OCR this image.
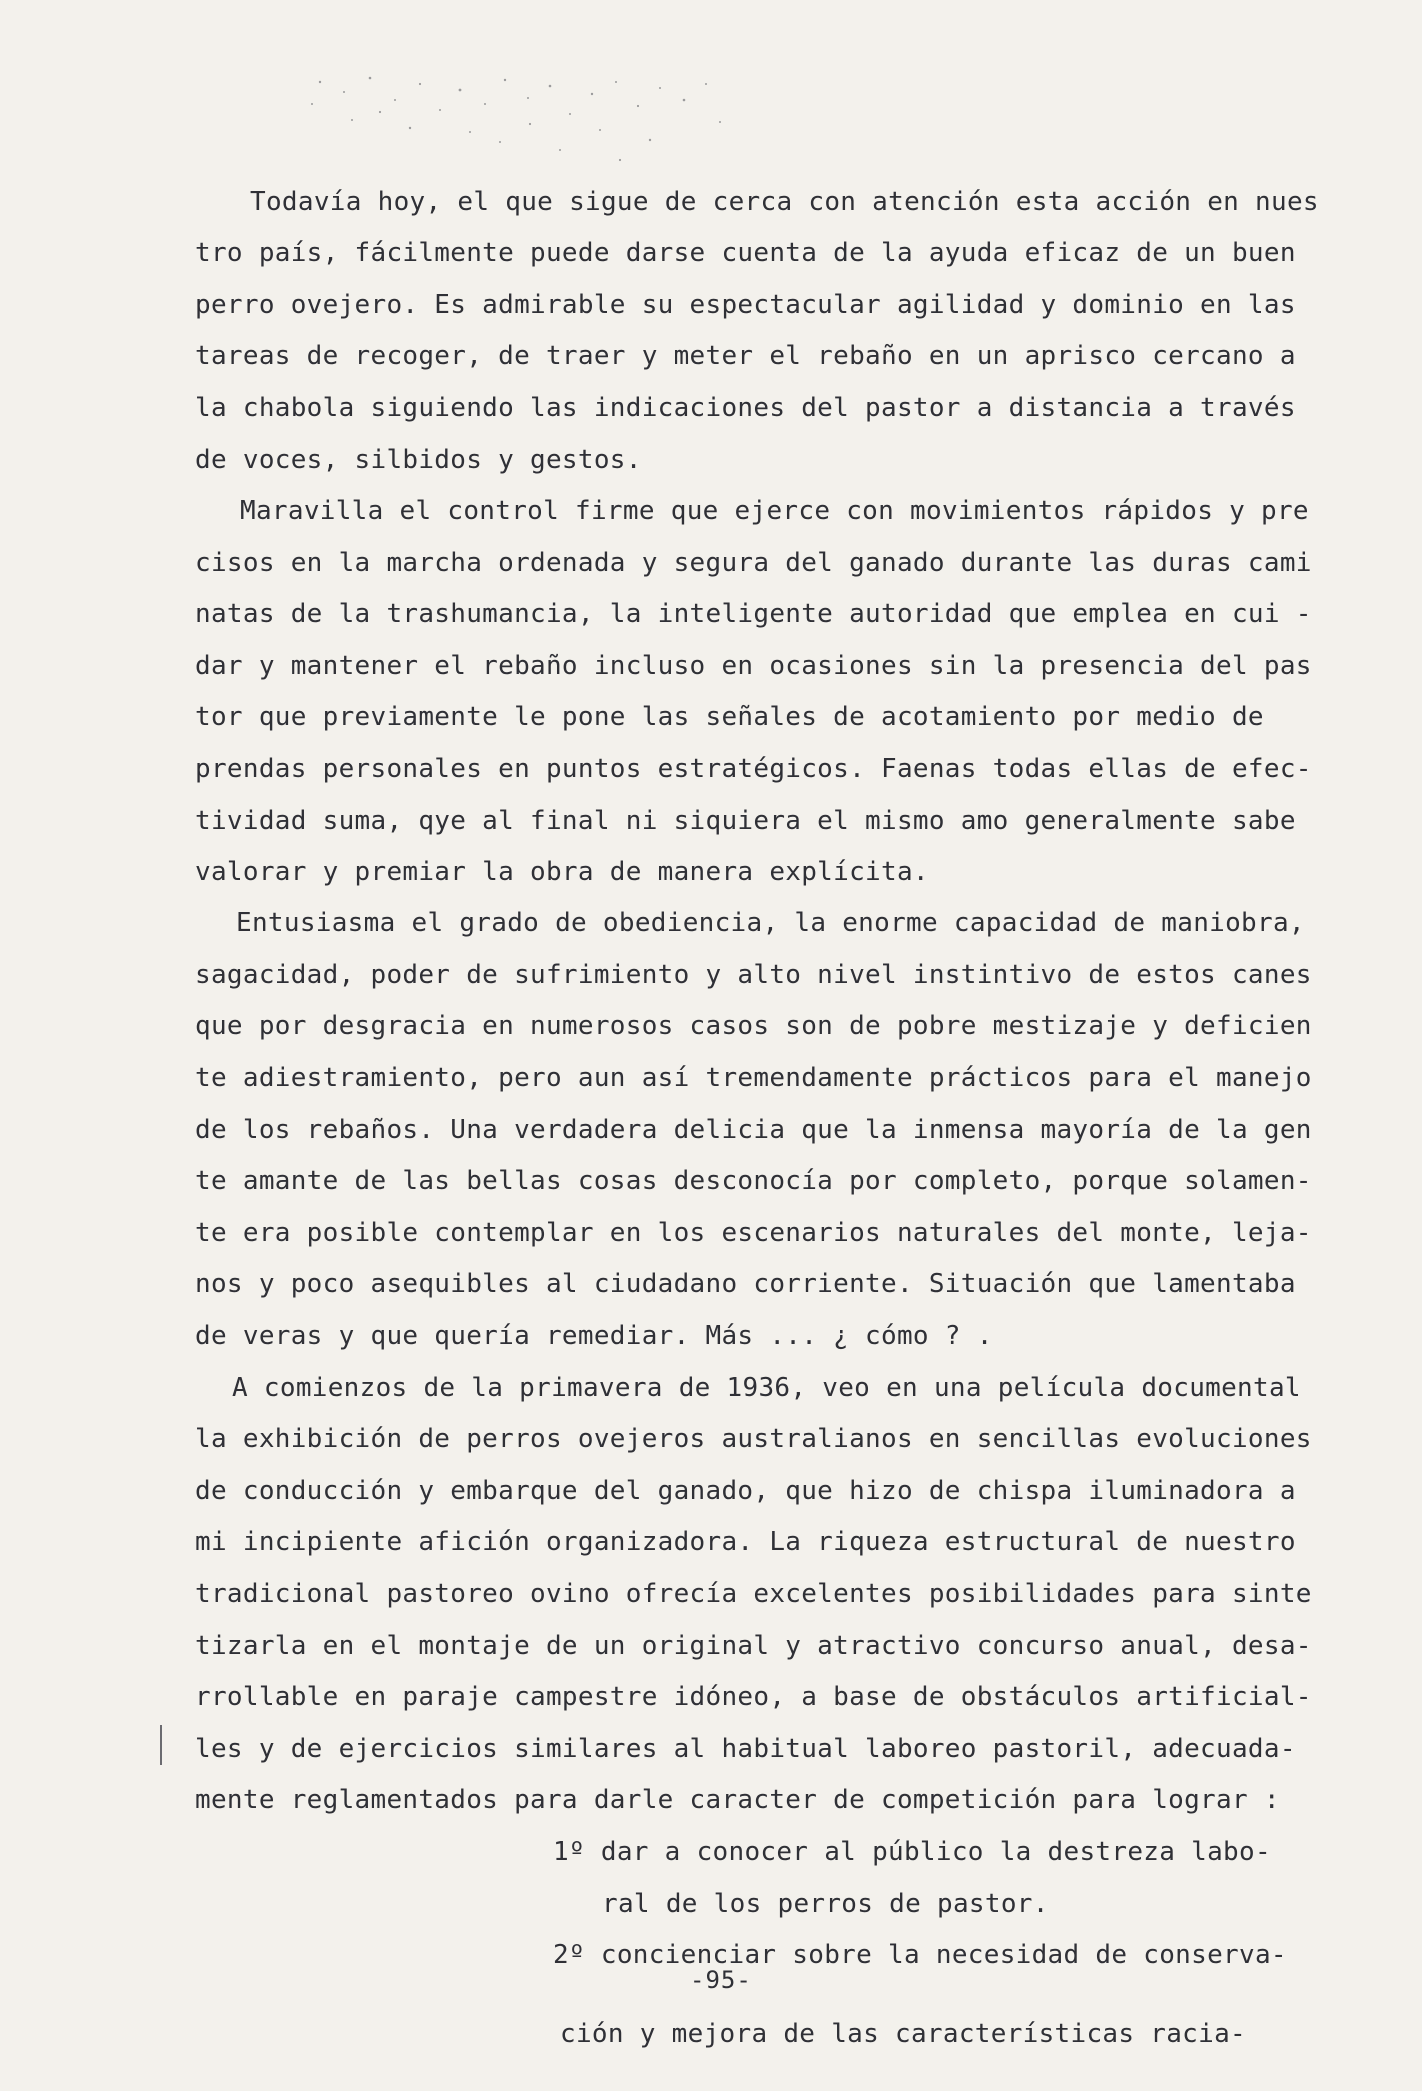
Todavía hoy, el que sigue de cerca con atención esta acción en nues
tro país, fácilmente puede darse cuenta de la ayuda eficaz de un buen
perro ovejero. Es admirable su espectacular agilidad y dominio en las
tareas de recoger, de traer y meter el rebaño en un aprisco cercano a
la chabola siguiendo las indicaciones del pastor a distancia a través
de voces, silbidos y gestos.
Maravilla el control firme que ejerce con movimientos rápidos y pre
cisos en la marcha ordenada y segura del ganado durante las duras cami
natas de la trashumancia, la inteligente autoridad que emplea en cui -
dar y mantener el rebaño incluso en ocasiones sin la presencia del pas
tor que previamente le pone las señales de acotamiento por medio de
prendas personales en puntos estratégicos. Faenas todas ellas de efec-
tividad suma, qye al final ni siquiera el mismo amo generalmente sabe
valorar y premiar la obra de manera explícita.
Entusiasma el grado de obediencia, la enorme capacidad de maniobra,
sagacidad, poder de sufrimiento y alto nivel instintivo de estos canes
que por desgracia en numerosos casos son de pobre mestizaje y deficien
te adiestramiento, pero aun así tremendamente prácticos para el manejo
de los rebaños. Una verdadera delicia que la inmensa mayoría de la gen
te amante de las bellas cosas desconocía por completo, porque solamen-
te era posible contemplar en los escenarios naturales del monte, leja-
nos y poco asequibles al ciudadano corriente. Situación que lamentaba
de veras y que quería remediar. Más ... ¿ cómo ? .
A comienzos de la primavera de 1936, veo en una película documental
la exhibición de perros ovejeros australianos en sencillas evoluciones
de conducción y embarque del ganado, que hizo de chispa iluminadora a
mi incipiente afición organizadora. La riqueza estructural de nuestro
tradicional pastoreo ovino ofrecía excelentes posibilidades para sinte
tizarla en el montaje de un original y atractivo concurso anual, desa-
rrollable en paraje campestre idóneo, a base de obstáculos artificial-
les y de ejercicios similares al habitual laboreo pastoril, adecuada-
mente reglamentados para darle caracter de competición para lograr :
1º dar a conocer al público la destreza labo-
ral de los perros de pastor.
2º concienciar sobre la necesidad de conserva-
-95-
ción y mejora de las características racia-
